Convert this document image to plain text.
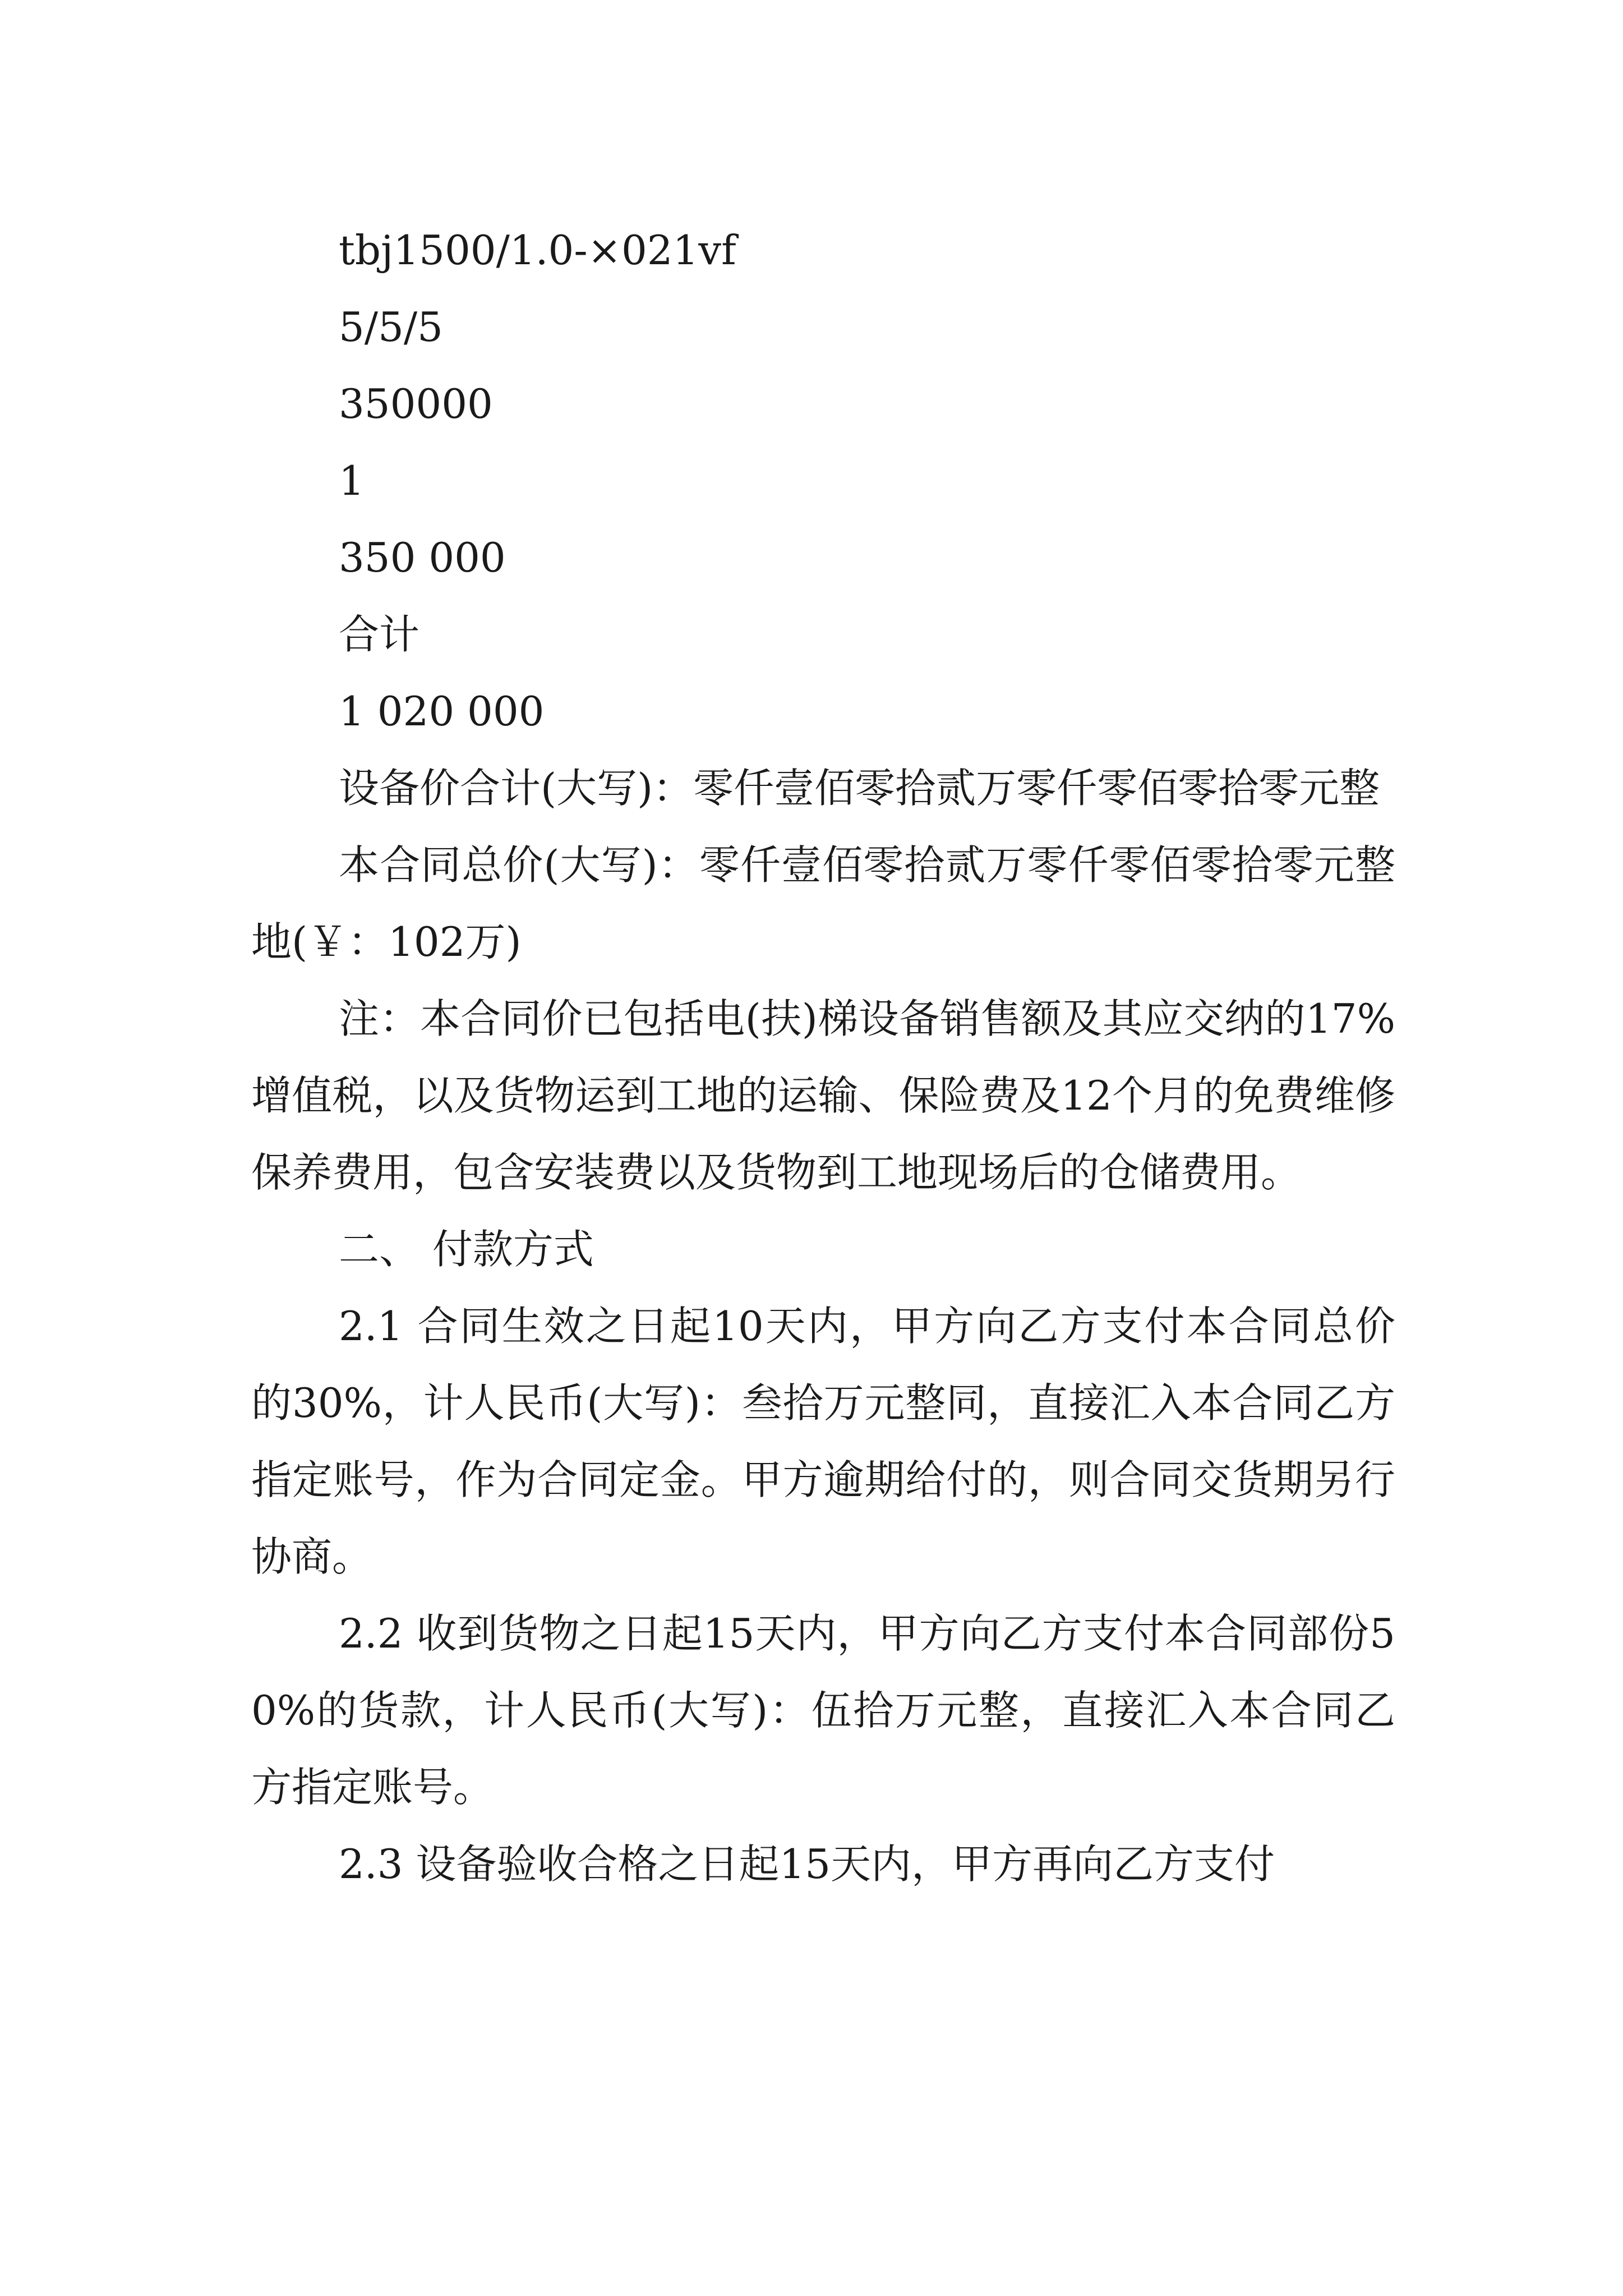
tbj1500/1.0-×021vf
5/5/5
350000
1
350 000
合计
1 020 000

设备价合计(大写)：零仟壹佰零拾贰万零仟零佰零拾零元整

本合同总价(大写)：零仟壹佰零拾贰万零仟零佰零拾零元整地(￥：102万)

注：本合同价已包括电(扶)梯设备销售额及其应交纳的17%增值税，以及货物运到工地的运输、保险费及12个月的免费维修保养费用，包含安装费以及货物到工地现场后的仓储费用。

二、 付款方式

2.1 合同生效之日起10天内，甲方向乙方支付本合同总价的30%，计人民币(大写)：叁拾万元整同，直接汇入本合同乙方指定账号，作为合同定金。甲方逾期给付的，则合同交货期另行协商。

2.2 收到货物之日起15天内，甲方向乙方支付本合同部份50%的货款，计人民币(大写)：伍拾万元整，直接汇入本合同乙方指定账号。

2.3 设备验收合格之日起15天内，甲方再向乙方支付
